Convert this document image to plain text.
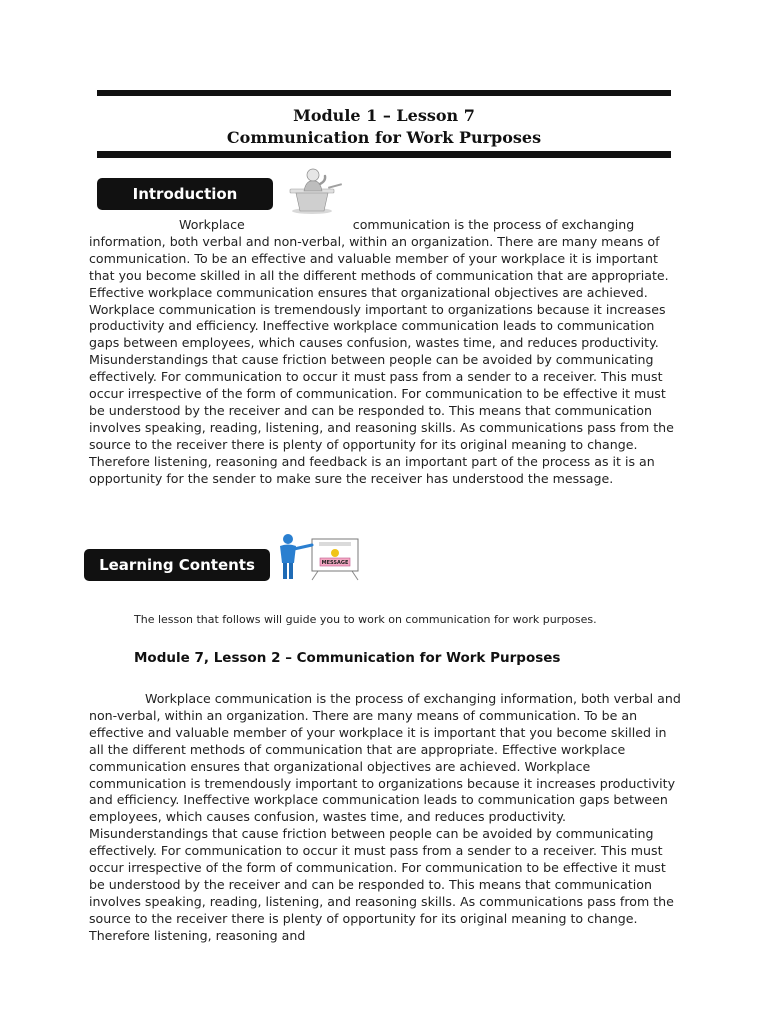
Module 1 – Lesson 7
Communication for Work Purposes
Introduction
Workplace	communication is the process of exchanging information, both verbal and non-verbal, within an organization. There are many means of communication. To be an effective and valuable member of your workplace it is important that you become skilled in all the different methods of communication that are appropriate. Effective workplace communication ensures that organizational objectives are achieved. Workplace communication is tremendously important to organizations because it increases productivity and efficiency. Ineffective workplace communication leads to communication gaps between employees, which causes confusion, wastes time, and reduces productivity. Misunderstandings that cause friction between people can be avoided by communicating effectively. For communication to occur it must pass from a sender to a receiver. This must occur irrespective of the form of communication. For communication to be effective it must be understood by the receiver and can be responded to. This means that communication involves speaking, reading, listening, and reasoning skills. As communications pass from the source to the receiver there is plenty of opportunity for its original meaning to change. Therefore listening, reasoning and feedback is an important part of the process as it is an opportunity for the sender to make sure the receiver has understood the message.
Learning Contents	MESSAGE
The lesson that follows will guide you to work on communication for work purposes.
Module 7, Lesson 2 – Communication for Work Purposes
Workplace communication is the process of exchanging information, both verbal and non-verbal, within an organization. There are many means of communication. To be an effective and valuable member of your workplace it is important that you become skilled in all the different methods of communication that are appropriate. Effective workplace communication ensures that organizational objectives are achieved. Workplace communication is tremendously important to organizations because it increases productivity and efficiency. Ineffective workplace communication leads to communication gaps between employees, which causes confusion, wastes time, and reduces productivity. Misunderstandings that cause friction between people can be avoided by communicating effectively. For communication to occur it must pass from a sender to a receiver. This must occur irrespective of the form of communication. For communication to be effective it must be understood by the receiver and can be responded to. This means that communication involves speaking, reading, listening, and reasoning skills. As communications pass from the source to the receiver there is plenty of opportunity for its original meaning to change. Therefore listening, reasoning and
